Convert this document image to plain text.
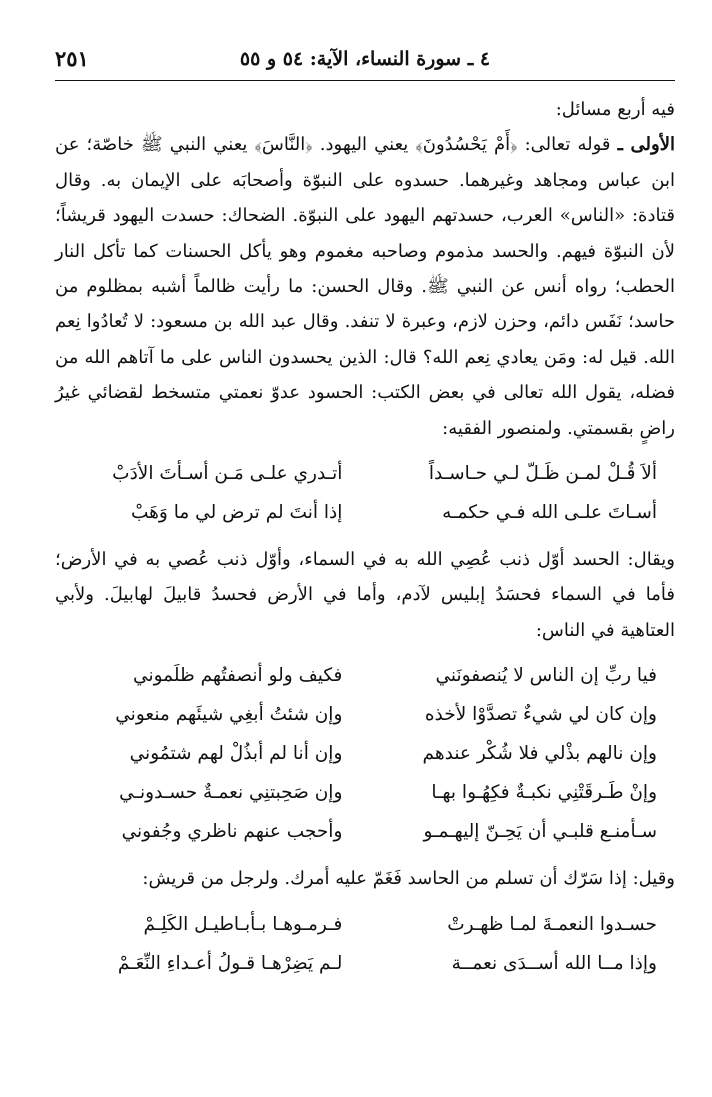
٤ ـ سورة النساء، الآية: ٥٤ و ٥٥
٢٥١

فيه أربع مسائل:

الأولى ـ قوله تعالى: ﴿أَمْ يَحْسُدُونَ﴾ يعني اليهود. ﴿النَّاسَ﴾ يعني النبي ﷺ خاصّة؛ عن ابن عباس ومجاهد وغيرهما. حسدوه على النبوّة وأصحابَه على الإيمان به. وقال قتادة: «الناس» العرب، حسدتهم اليهود على النبوّة. الضحاك: حسدت اليهود قريشاً؛ لأن النبوّة فيهم. والحسد مذموم وصاحبه مغموم وهو يأكل الحسنات كما تأكل النار الحطب؛ رواه أنس عن النبي ﷺ. وقال الحسن: ما رأيت ظالماً أشبه بمظلوم من حاسد؛ نَفَس دائم، وحزن لازم، وعبرة لا تنفد. وقال عبد الله بن مسعود: لا تُعادُوا نِعم الله. قيل له: ومَن يعادي نِعم الله؟ قال: الذين يحسدون الناس على ما آتاهم الله من فضله، يقول الله تعالى في بعض الكتب: الحسود عدوّ نعمتي متسخط لقضائي غيرُ راضٍ بقسمتي. ولمنصور الفقيه:

ألاَ قُـلْ لمـن ظَـلّ لـي حـاسـداً
أتـدري علـى مَـن أسـأتَ الأدَبْ
أسـاتَ علـى الله فـي حكمـه
إذا أنتَ لم ترض لي ما وَهَبْ

ويقال: الحسد أوّل ذنب عُصِي الله به في السماء، وأوّل ذنب عُصي به في الأرض؛ فأما في السماء فحسَدُ إبليس لآدم، وأما في الأرض فحسدُ قابيلَ لهابيلَ. ولأبي العتاهية في الناس:

فيا ربِّ إن الناس لا يُنصفونَني
فكيف ولو أنصفتُهم ظلَموني
وإن كان لي شيءٌ تصدَّوْا لأخذه
وإن شئتُ أبغِي شيئَهم منعوني
وإن نالهم بذْلي فلا شُكْر عندهم
وإن أنا لم أبذُلْ لهم شتمُوني
وإنْ طَـرقَتْنِي نكبـةٌ فكِهُـوا بهـا
وإن صَحِبتنِي نعمـةٌ حسـدونـي
سـأمنـع قلبـي أن يَحِـنّ إليهـمـو
وأحجب عنهم ناظري وجُفوني

وقيل: إذا سَرّك أن تسلم من الحاسد فَغَمّ عليه أمرك. ولرجل من قريش:

حسـدوا النعمـةَ لمـا ظهـرتْ
فـرمـوهـا بـأبـاطيـل الكَلِـمْ
وإذا مــا الله أســدَى نعمــة
لـم يَضِرْهـا قـولُ أعـداءِ النِّعَـمْ
